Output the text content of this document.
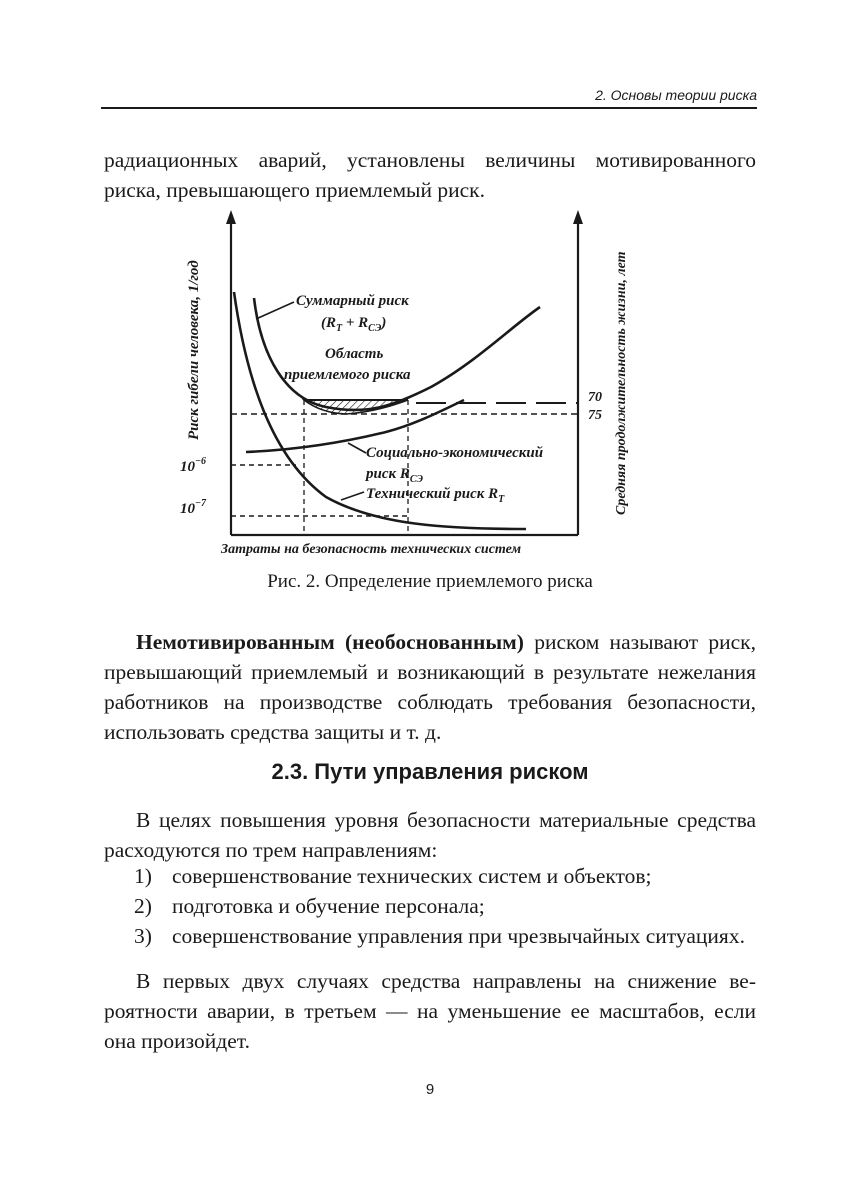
2. Основы теории риска

радиационных аварий, установлены величины мотивированного риска, превышающего приемлемый риск.

Риск гибели человека, 1/год	Средняя продолжительность жизни, лет
Затраты на безопасность технических систем
Суммарный риск
$(R_T + R_{СЭ})$
Область
приемлемого риска
Социально-экономический
риск $R_{СЭ}$
Технический риск $R_T$
$10^{-6}$
$10^{-7}$
70
75
Рис. 2. Определение приемлемого риска

Немотивированным (необоснованным) риском называют риск, превышающий приемлемый и возникающий в результате нежелания работников на производстве соблюдать требования безопасности, использовать средства защиты и т. д.

2.3. Пути управления риском

В целях повышения уровня безопасности материальные средства расходуются по трем направлениям:

1) совершенствование технических систем и объектов;
2) подготовка и обучение персонала;
3) совершенствование управления при чрезвычайных ситуациях.

В первых двух случаях средства направлены на снижение вероятности аварии, в третьем — на уменьшение ее масштабов, если она произойдет.

9
